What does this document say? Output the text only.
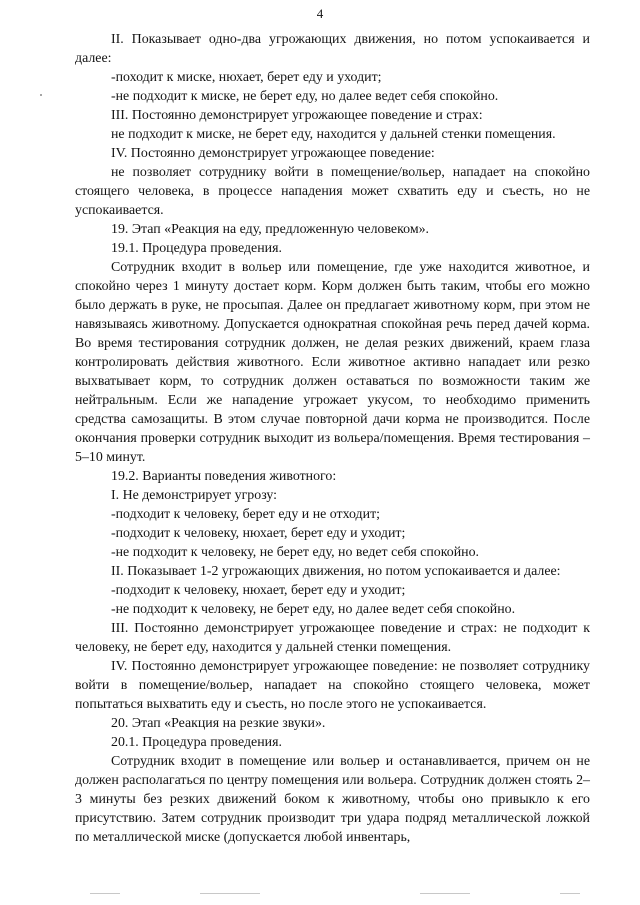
4

II. Показывает одно-два угрожающих движения, но потом успокаивается и далее:

-походит к миске, нюхает, берет еду и уходит;

-не подходит к миске, не берет еду, но далее ведет себя спокойно.

III. Постоянно демонстрирует угрожающее поведение и страх:

не подходит к миске, не берет еду, находится у дальней стенки помещения.

IV. Постоянно демонстрирует угрожающее поведение:

не позволяет сотруднику войти в помещение/вольер, нападает на спокойно стоящего человека, в процессе нападения может схватить еду и съесть, но не успокаивается.

19. Этап «Реакция на еду, предложенную человеком».

19.1. Процедура проведения.

Сотрудник входит в вольер или помещение, где уже находится животное, и спокойно через 1 минуту достает корм. Корм должен быть таким, чтобы его можно было держать в руке, не просыпая. Далее он предлагает животному корм, при этом не навязываясь животному. Допускается однократная спокойная речь перед дачей корма. Во время тестирования сотрудник должен, не делая резких движений, краем глаза контролировать действия животного. Если животное активно нападает или резко выхватывает корм, то сотрудник должен оставаться по возможности таким же нейтральным. Если же нападение угрожает укусом, то необходимо применить средства самозащиты. В этом случае повторной дачи корма не производится. После окончания проверки сотрудник выходит из вольера/помещения. Время тестирования –5–10 минут.

19.2. Варианты поведения животного:

I. Не демонстрирует угрозу:

-подходит к человеку, берет еду и не отходит;

-подходит к человеку, нюхает, берет еду и уходит;

-не подходит к человеку, не берет еду, но ведет себя спокойно.

II. Показывает 1-2 угрожающих движения, но потом успокаивается и далее:

-подходит к человеку, нюхает, берет еду и уходит;

-не подходит к человеку, не берет еду, но далее ведет себя спокойно.

III. Постоянно демонстрирует угрожающее поведение и страх: не подходит к человеку, не берет еду, находится у дальней стенки помещения.

IV. Постоянно демонстрирует угрожающее поведение: не позволяет сотруднику войти в помещение/вольер, нападает на спокойно стоящего человека, может попытаться выхватить еду и съесть, но после этого не успокаивается.

20. Этап «Реакция на резкие звуки».

20.1. Процедура проведения.

Сотрудник входит в помещение или вольер и останавливается, причем он не должен располагаться по центру помещения или вольера. Сотрудник должен стоять 2–3 минуты без резких движений боком к животному, чтобы оно привыкло к его присутствию. Затем сотрудник производит три удара подряд металлической ложкой по металлической миске (допускается любой инвентарь,
